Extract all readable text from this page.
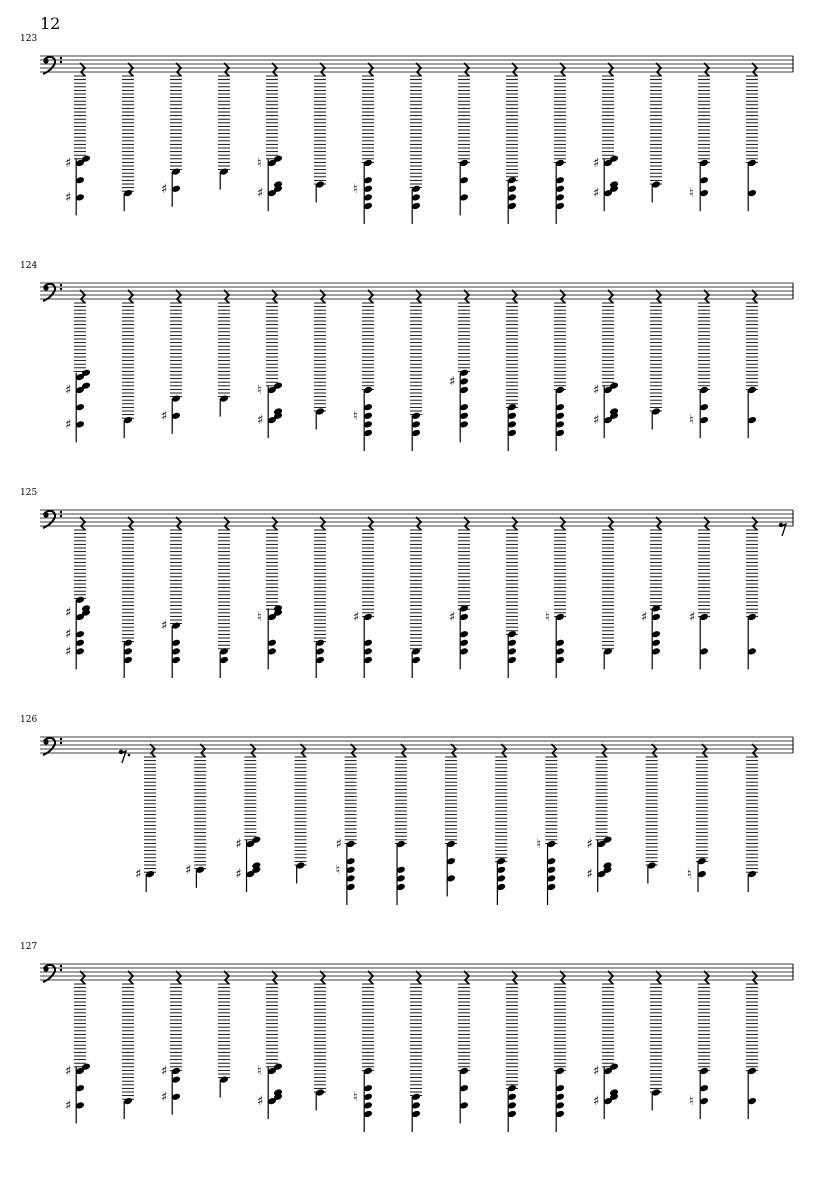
12
123
♯
♯
♯	♯
♮
♮	♯
♯
♮
124
♯
♯
♯	♯
♮
♮
♯
♯
♯
♮
125
♯
♯
♯
♯
♮	♯	♯	♮	♯	♯
126
♯	♯	♯
♯
♮
♯	♮
♯
♯
♮
127
♯
♯
♯
♯
♯
♮
♮	♯
♯
♮
